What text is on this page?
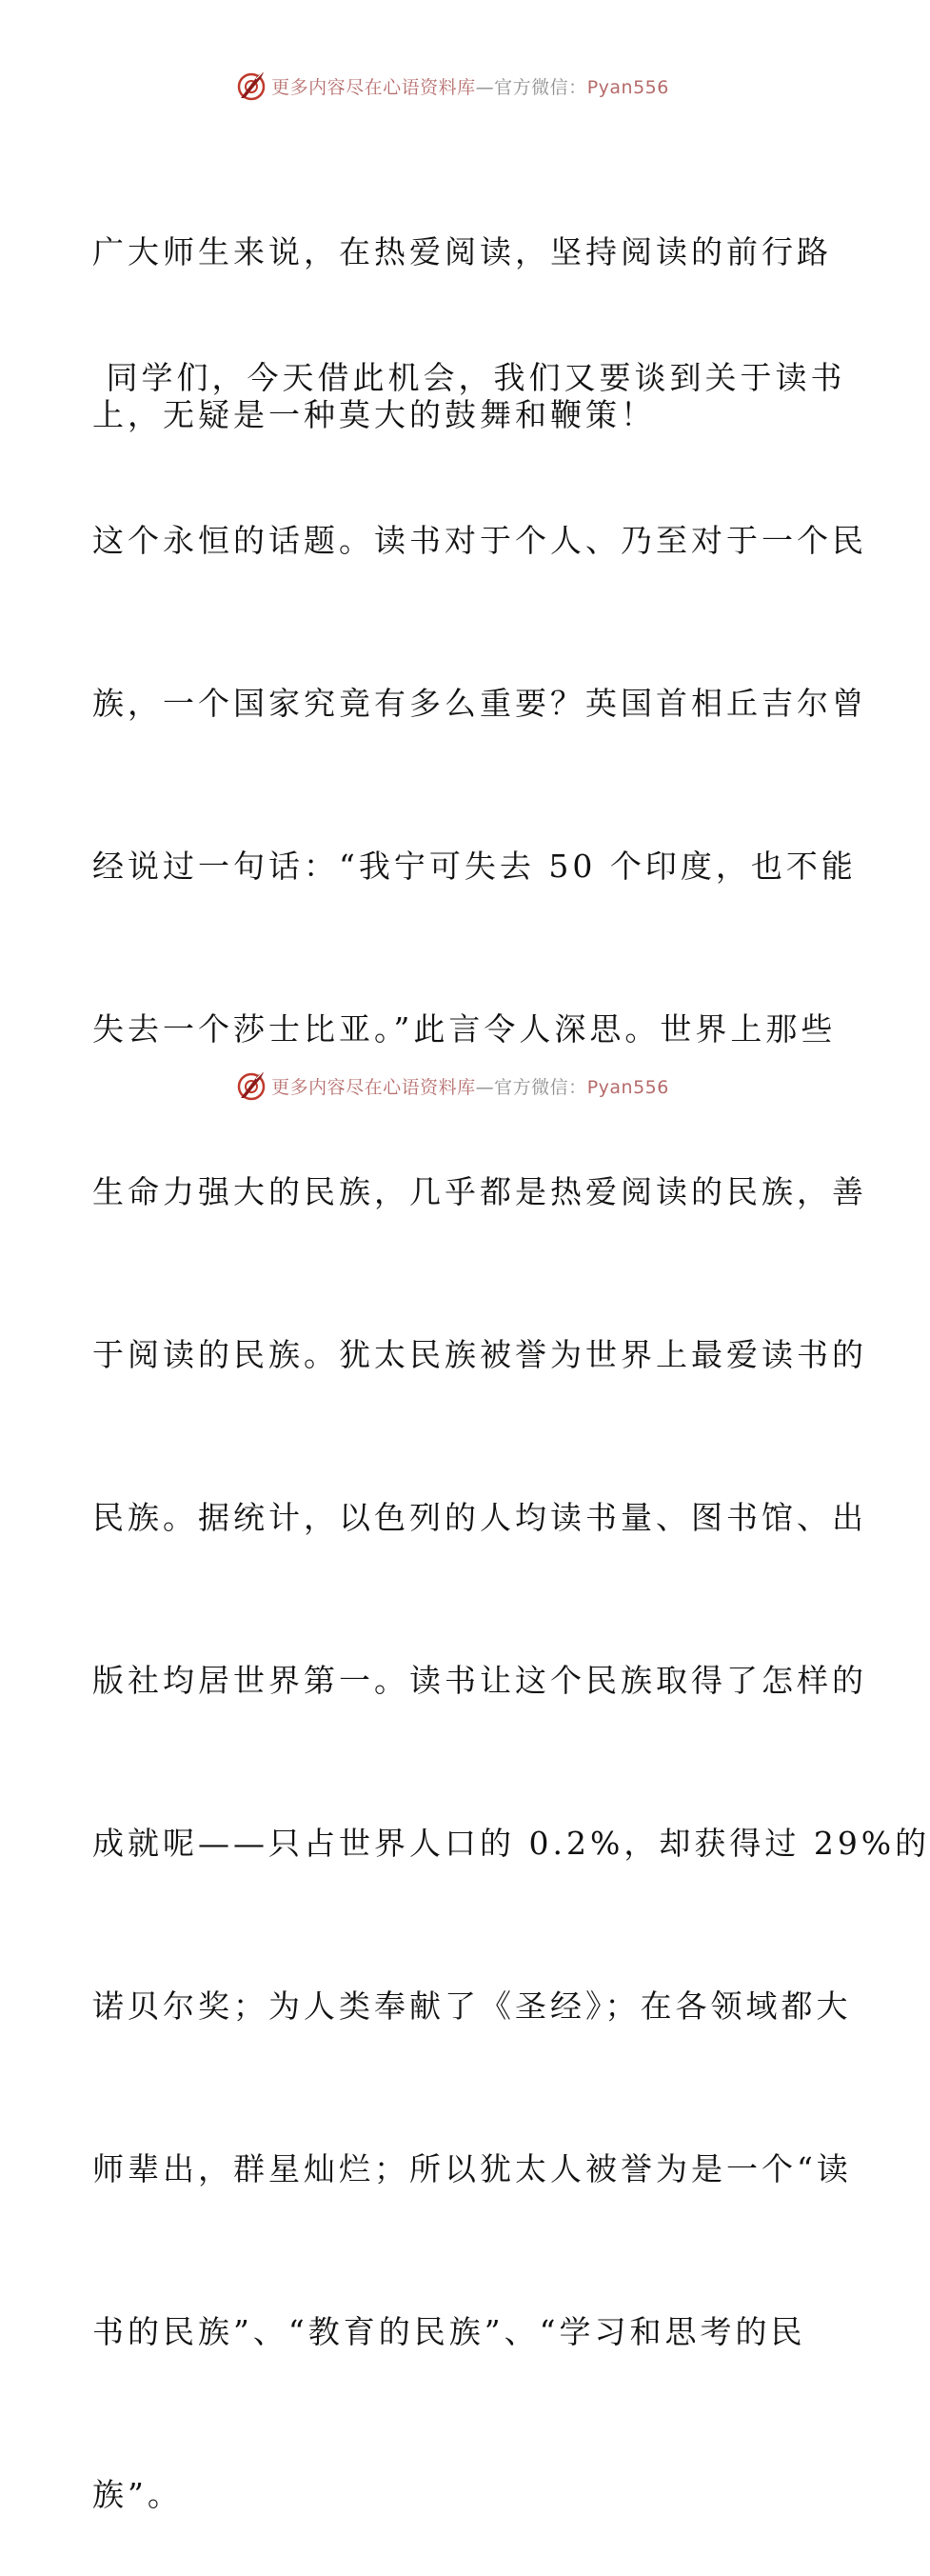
更多内容尽在心语资料库—官方微信：Pyan556

广大师生来说，在热爱阅读，坚持阅读的前行路

上，无疑是一种莫大的鼓舞和鞭策！

同学们，今天借此机会，我们又要谈到关于读书

这个永恒的话题。读书对于个人、乃至对于一个民

族，一个国家究竟有多么重要？英国首相丘吉尔曾

经说过一句话：“我宁可失去 50 个印度，也不能

失去一个莎士比亚。”此言令人深思。世界上那些

生命力强大的民族，几乎都是热爱阅读的民族，善

于阅读的民族。犹太民族被誉为世界上最爱读书的

民族。据统计，以色列的人均读书量、图书馆、出

版社均居世界第一。读书让这个民族取得了怎样的

成就呢——只占世界人口的 0.2%，却获得过 29%的

诺贝尔奖；为人类奉献了《圣经》；在各领域都大

师辈出，群星灿烂；所以犹太人被誉为是一个“读

书的民族”、“教育的民族”、“学习和思考的民

族”。

更多内容尽在心语资料库—官方微信：Pyan556
